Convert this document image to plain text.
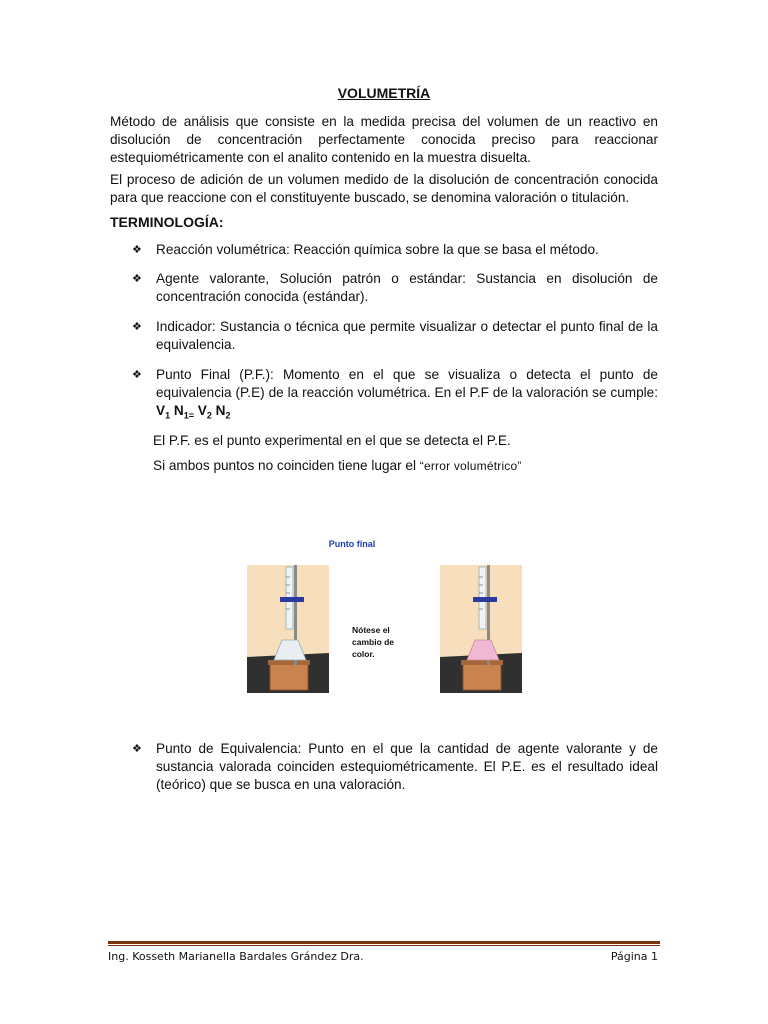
VOLUMETRÍA
Método de análisis que consiste en la medida precisa del volumen de un reactivo en disolución de concentración perfectamente conocida preciso para reaccionar estequiométricamente con el analito contenido en la muestra disuelta.
El proceso de adición de un volumen medido de la disolución de concentración conocida para que reaccione con el constituyente buscado, se denomina valoración o titulación.
TERMINOLOGÍA:
❖	Reacción volumétrica: Reacción química sobre la que se basa el método.
❖	Agente valorante, Solución patrón o estándar: Sustancia en disolución de concentración conocida (estándar).
❖	Indicador: Sustancia o técnica que permite visualizar o detectar el punto final de la equivalencia.
❖	Punto Final (P.F.): Momento en el que se visualiza o detecta el punto de equivalencia (P.E) de la reacción volumétrica. En el P.F de la valoración se cumple: $V_1$ $N_{1=}$ $V_2$ $N_2$
El P.F. es el punto experimental en el que se detecta el P.E.
Si ambos puntos no coinciden tiene lugar el “error volumétrico”
Punto final
Nótese el
cambio de
color.
❖	Punto de Equivalencia: Punto en el que la cantidad de agente valorante y de sustancia valorada coinciden estequiométricamente. El P.E. es el resultado ideal (teórico) que se busca en una valoración.
Ing. Kosseth Marianella Bardales Grández Dra.	Página 1
